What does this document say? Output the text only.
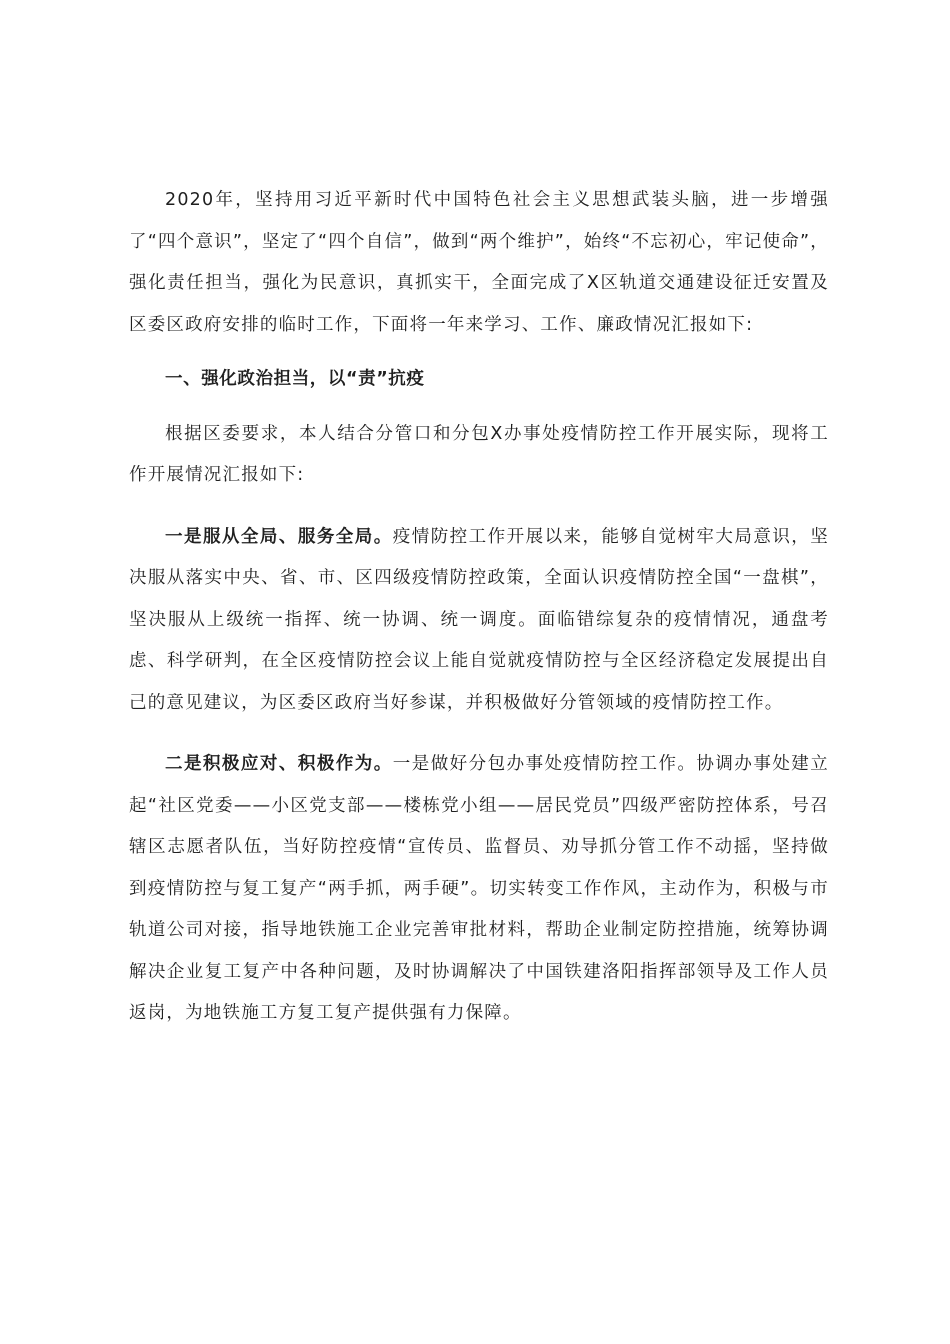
2020年，坚持用习近平新时代中国特色社会主义思想武装头脑，进一步增强了“四个意识”，坚定了“四个自信”，做到“两个维护”，始终“不忘初心，牢记使命”，强化责任担当，强化为民意识，真抓实干，全面完成了X区轨道交通建设征迁安置及区委区政府安排的临时工作，下面将一年来学习、工作、廉政情况汇报如下:

一、强化政治担当，以“责”抗疫

根据区委要求，本人结合分管口和分包X办事处疫情防控工作开展实际，现将工作开展情况汇报如下:

一是服从全局、服务全局。疫情防控工作开展以来，能够自觉树牢大局意识，坚决服从落实中央、省、市、区四级疫情防控政策，全面认识疫情防控全国“一盘棋”，坚决服从上级统一指挥、统一协调、统一调度。面临错综复杂的疫情情况，通盘考虑、科学研判，在全区疫情防控会议上能自觉就疫情防控与全区经济稳定发展提出自己的意见建议，为区委区政府当好参谋，并积极做好分管领域的疫情防控工作。

二是积极应对、积极作为。一是做好分包办事处疫情防控工作。协调办事处建立起“社区党委——小区党支部——楼栋党小组——居民党员”四级严密防控体系，号召辖区志愿者队伍，当好防控疫情“宣传员、监督员、劝导抓分管工作不动摇，坚持做到疫情防控与复工复产“两手抓，两手硬”。切实转变工作作风，主动作为，积极与市轨道公司对接，指导地铁施工企业完善审批材料，帮助企业制定防控措施，统筹协调解决企业复工复产中各种问题，及时协调解决了中国铁建洛阳指挥部领导及工作人员返岗，为地铁施工方复工复产提供强有力保障。
